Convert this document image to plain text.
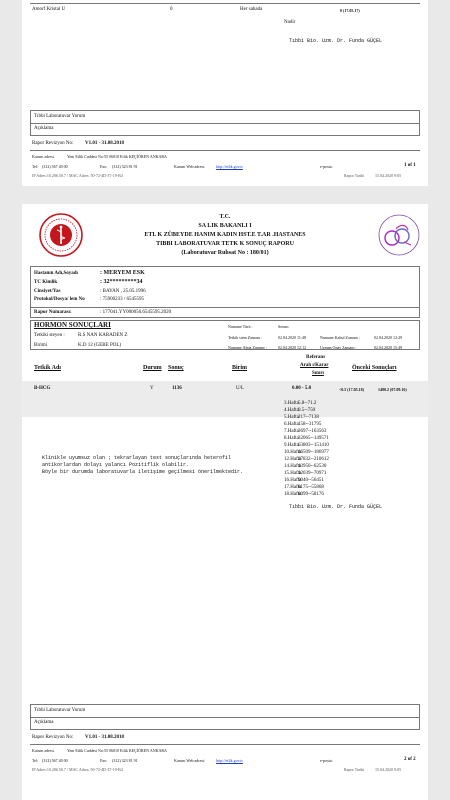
Amorf Kristal U	0	Her sahada	0 (17.05.17)
Nadir
Tıbbi Bio. Uzm. Dr. Funda GÜÇEL
Tıbbi Laboratuvar Yorum
Açıklama
Rapor Revizyon No: V1.01 - 31.08.2018
Kurum adresi	Yeni Etlik Caddesi No:55 06010 Etlik KEÇİÖREN ANKARA
Tel: (312) 567 40 00	Fax: (312) 323 81 91	Kurum Web adresi:	http://etlik.gov.tr	e-posta:	1 of 1
IP Adres:10.206.50.7 / MAC Adres: 50-72-4D-37-19-B4	Rapor Tarihi	15.04.2020 9:05
T.C.
SA LIK BAKANLI I
ETL K ZÜBEYDE HANIM KADIN HST.E T.AR .HASTANES
TIBBI LABORATUVAR TETK K SONUÇ RAPORU
(Laboratuvar Ruhsat No : 180/01)
Hastanın Adı,Soyadı	: MERYEM ESK
TC Kimlik	: 32*********34
Cinsiyet/Yas	: BAYAN , 25.05.1996
Protokol/Dosya/ lem No	: 75900233 / 6545595
Rapor Numarası:	: 177041.YY000056.6545595.2020
HORMON SONUÇLARI
Tetkiki steyen :	R.S NAN KARADEN Z
Birimi	K.D 12 (GEBE POL)
Numune Türü :	Serum
Tetkik stem Zamanı :	02.04.2020 11:48
Numune Alma Zamanı :	02.04.2020 12:12
Numune Kabul Zamanı :	02.04.2020 12:29
Uzman Onay Zamanı :	02.04.2020 15:49
Tetkik Adı	Durum Sonuç	Birim
Referans
Aralı ı/Karar
Sınırı
Önceki Sonuçları
B-HCG	Y	1136	U/L	0.00 - 5.0	<0.5 (17.05.18)	1480.2 (07.09.16)
3.Hafta 5.8--71.2
4.Hafta 9.5--750
5.Hafta 217--7138
6.Hafta 158--31795
7.Hafta 3697--163563
8.Hafta 32065--149571
9.Hafta 63803--151410
10.Hafta
46509--186977
12.Hafta
27832--210612
14.Hafta
13950--62530
15.Hafta
12039--70971
16.Hafta
9040--56451
17.Hafta
8175--55868
18.Hafta
8099--58176
Klinikle uyumsuz olan ; tekrarlayan test sonuçlarında heterofil
antikorlardan dolayı yalancı Pozitiflik olabilir.
Böyle bir durumda laboratuvarla iletişime geçilmesi önerilmektedir.
Tıbbi Bio. Uzm. Dr. Funda GÜÇEL
Tıbbi Laboratuvar Yorum
Açıklama
Rapor Revizyon No: V1.01 - 31.08.2018
Kurum adresi	Yeni Etlik Caddesi No:55 06010 Etlik KEÇİÖREN ANKARA
Tel: (312) 567 40 00	Fax: (312) 323 81 91	Kurum Web adresi:	http://etlik.gov.tr	e-posta:	2 of 2
IP Adres:10.206.50.7 / MAC Adres: 50-72-4D-37-19-B4	Rapor Tarihi	15.04.2020 9:05
